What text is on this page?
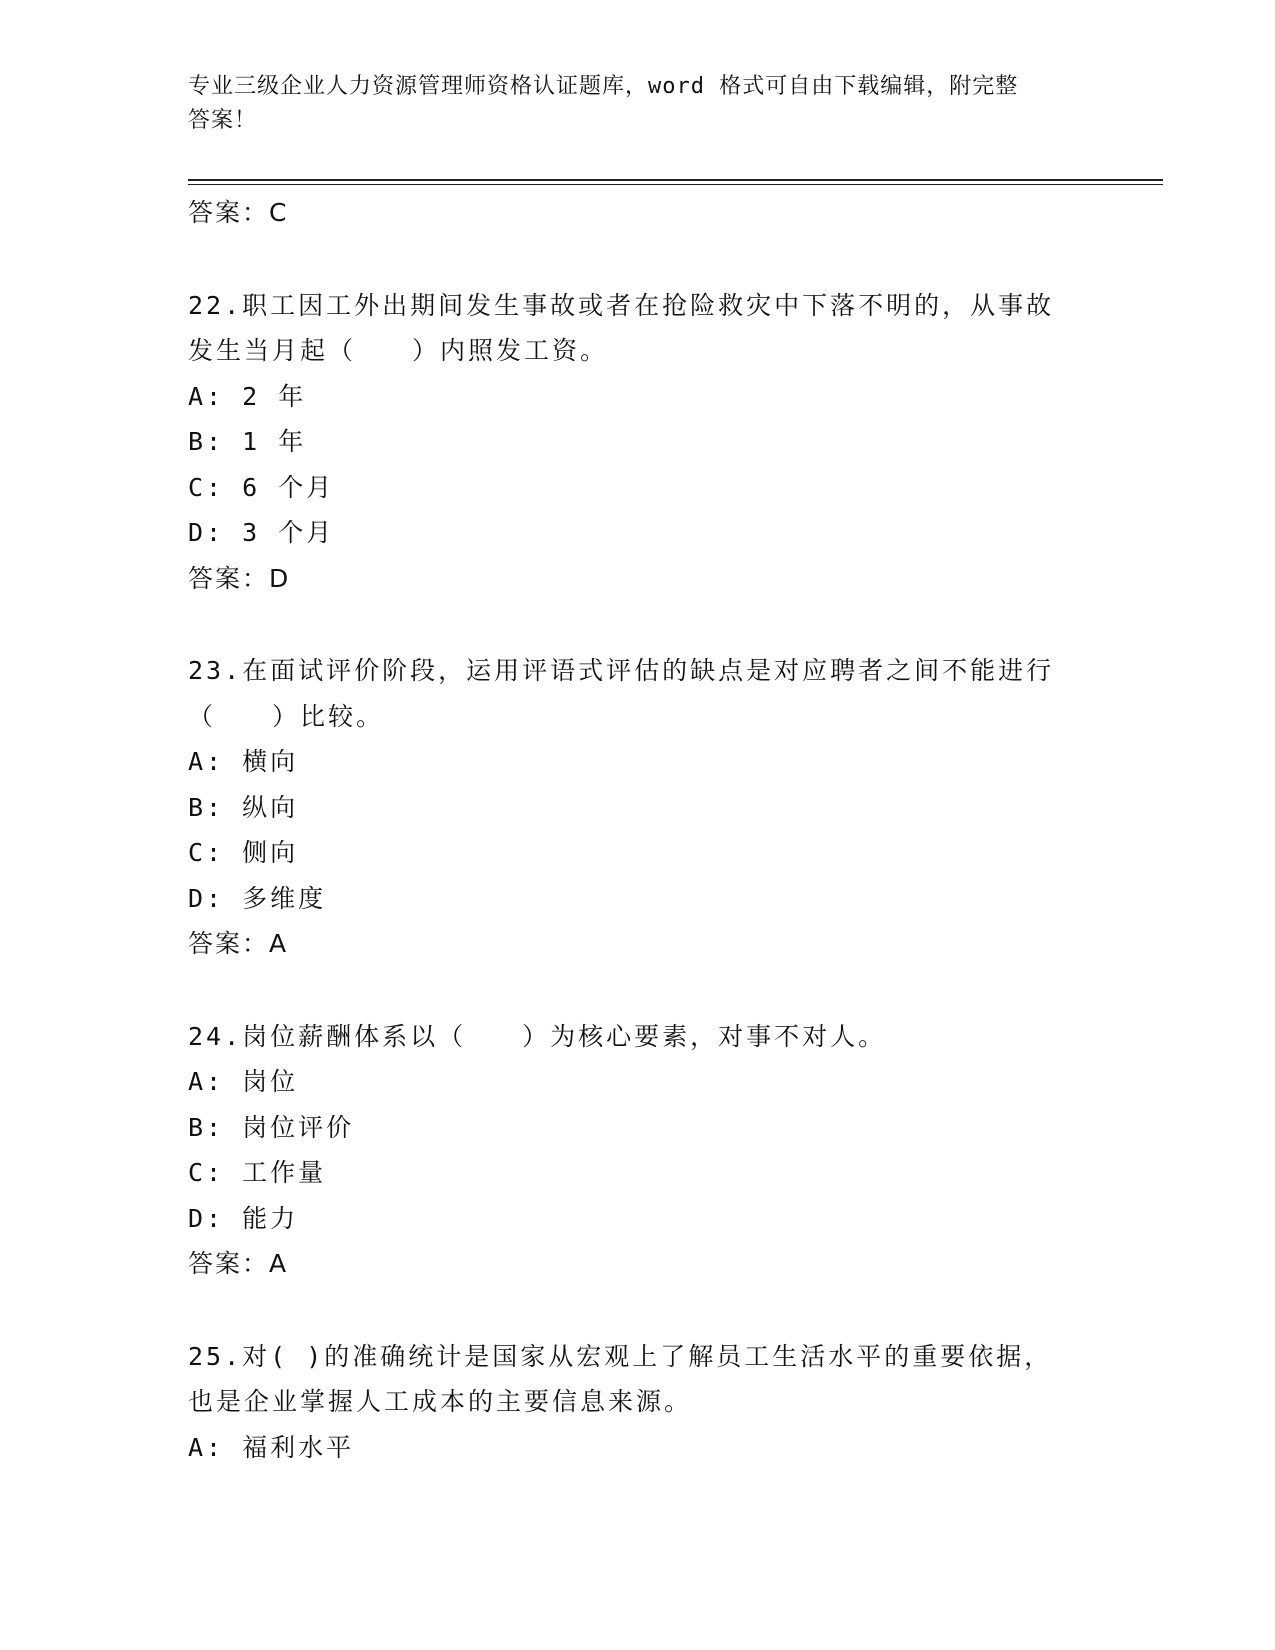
专业三级企业人力资源管理师资格认证题库，word 格式可自由下载编辑，附完整
答案！
答案：C
22.职工因工外出期间发生事故或者在抢险救灾中下落不明的，从事故
发生当月起（　　）内照发工资。
A: 2 年
B: 1 年
C: 6 个月
D: 3 个月
答案：D
23.在面试评价阶段，运用评语式评估的缺点是对应聘者之间不能进行
（　　）比较。
A: 横向
B: 纵向
C: 侧向
D: 多维度
答案：A
24.岗位薪酬体系以（　　）为核心要素，对事不对人。
A: 岗位
B: 岗位评价
C: 工作量
D: 能力
答案：A
25.对( )的准确统计是国家从宏观上了解员工生活水平的重要依据，
也是企业掌握人工成本的主要信息来源。
A: 福利水平
